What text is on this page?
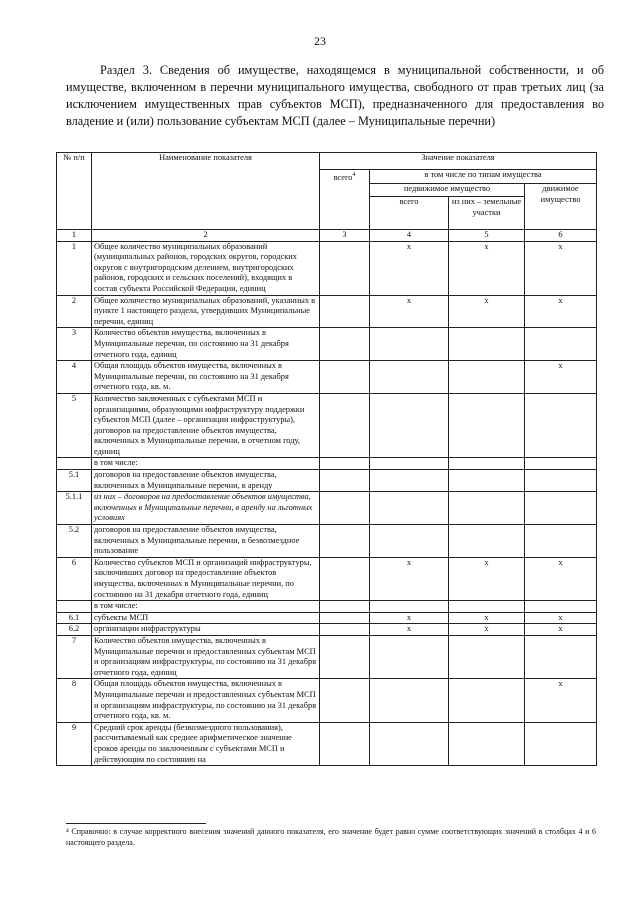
23
Раздел 3. Сведения об имуществе, находящемся в муниципальной собственности, и об имуществе, включенном в перечни муниципального имущества, свободного от прав третьих лиц (за исключением имущественных прав субъектов МСП), предназначенного для предоставления во владение и (или) пользование субъектам МСП (далее – Муниципальные перечни)
№ п/п	Наименование показателя	Значение показателя			
		всего$^4$	в том числе по типам имущества		
			недвижимое имущество		движимое имущество
			всего	из них – земельные участки	
1	2	3	4	5	6
1	Общее количество муниципальных образований (муниципальных районов, городских округов, городских округов с внутригородским делением, внутригородских районов, городских и сельских поселений), входящих в состав субъекта Российской Федерации, единиц		x	x	x
2	Общее количество муниципальных образований, указанных в пункте 1 настоящего раздела, утвердивших Муниципальные перечни, единиц		x	x	x
3	Количество объектов имущества, включенных в Муниципальные перечни, по состоянию на 31 декабря отчетного года, единиц				
4	Общая площадь объектов имущества, включенных в Муниципальные перечни, по состоянию на 31 декабря отчетного года, кв. м.				x
5	Количество заключенных с субъектами МСП и организациями, образующими инфраструктуру поддержки субъектов МСП (далее – организации инфраструктуры), договоров на предоставление объектов имущества, включенных в Муниципальные перечни, в отчетном году, единиц				
	в том числе:				
5.1	договоров на предоставление объектов имущества, включенных в Муниципальные перечни, в аренду				
5.1.1	из них – договоров на предоставление объектов имущества, включенных в Муниципальные перечни, в аренду на льготных условиях				
5.2	договоров на предоставление объектов имущества, включенных в Муниципальные перечни, в безвозмездное пользование				
6	Количество субъектов МСП и организаций инфраструктуры, заключивших договор на предоставление объектов имущества, включенных в Муниципальные перечни, по состоянию на 31 декабря отчетного года, единиц		x	x	x
	в том числе:				
6.1	субъекты МСП		x	x	x
6.2	организации инфраструктуры		x	x	x
7	Количество объектов имущества, включенных в Муниципальные перечни и предоставленных субъектам МСП и организациям инфраструктуры, по состоянию на 31 декабря отчетного года, единиц				
8	Общая площадь объектов имущества, включенных в Муниципальные перечни и предоставленных субъектам МСП и организациям инфраструктуры, по состоянию на 31 декабря отчетного года, кв. м.				x
9	Средний срок аренды (безвозмездного пользования), рассчитываемый как среднее арифметическое значение сроков аренды по заключенным с субъектами МСП и действующим по состоянию на				
⁴ Справочно: в случае корректного внесения значений данного показателя, его значение будет равно сумме соответствующих значений в столбцах 4 и 6 настоящего раздела.
